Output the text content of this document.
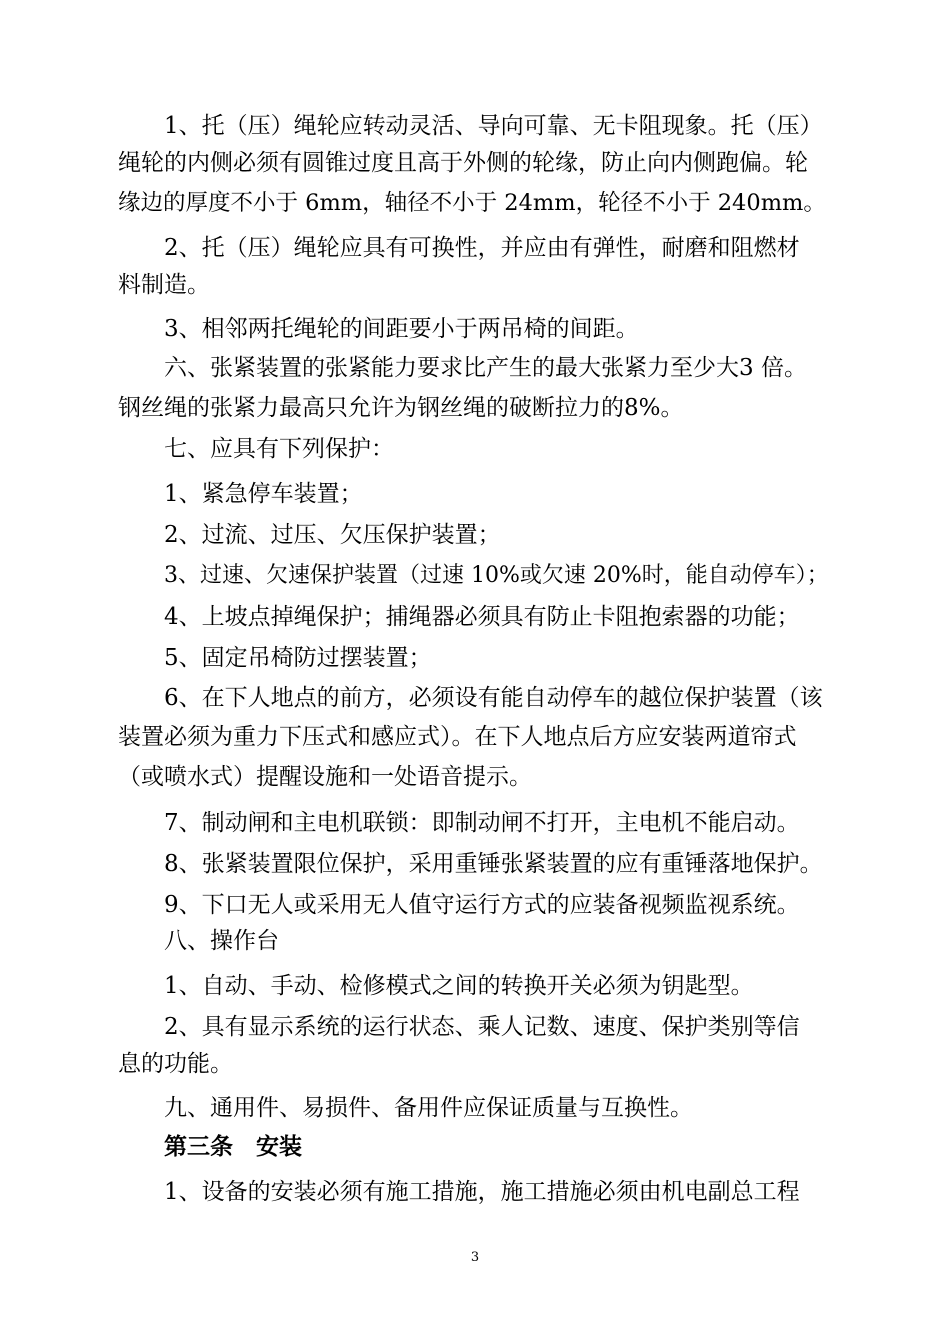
1、托（压）绳轮应转动灵活、导向可靠、无卡阻现象。托（压）
绳轮的内侧必须有圆锥过度且高于外侧的轮缘，防止向内侧跑偏。轮
缘边的厚度不小于 6mm，轴径不小于 24mm，轮径不小于 240mm。
2、托（压）绳轮应具有可换性，并应由有弹性，耐磨和阻燃材
料制造。
3、相邻两托绳轮的间距要小于两吊椅的间距。
六、张紧装置的张紧能力要求比产生的最大张紧力至少大3 倍。
钢丝绳的张紧力最高只允许为钢丝绳的破断拉力的8%。
七、应具有下列保护：
1、紧急停车装置；
2、过流、过压、欠压保护装置；
3、过速、欠速保护装置（过速 10%或欠速 20%时，能自动停车）；
4、上坡点掉绳保护；捕绳器必须具有防止卡阻抱索器的功能；
5、固定吊椅防过摆装置；
6、在下人地点的前方，必须设有能自动停车的越位保护装置（该
装置必须为重力下压式和感应式）。在下人地点后方应安装两道帘式
（或喷水式）提醒设施和一处语音提示。
7、制动闸和主电机联锁：即制动闸不打开，主电机不能启动。
8、张紧装置限位保护，采用重锤张紧装置的应有重锤落地保护。
9、下口无人或采用无人值守运行方式的应装备视频监视系统。
八、操作台
1、自动、手动、检修模式之间的转换开关必须为钥匙型。
2、具有显示系统的运行状态、乘人记数、速度、保护类别等信
息的功能。
九、通用件、易损件、备用件应保证质量与互换性。
第三条　安装
1、设备的安装必须有施工措施，施工措施必须由机电副总工程
3
